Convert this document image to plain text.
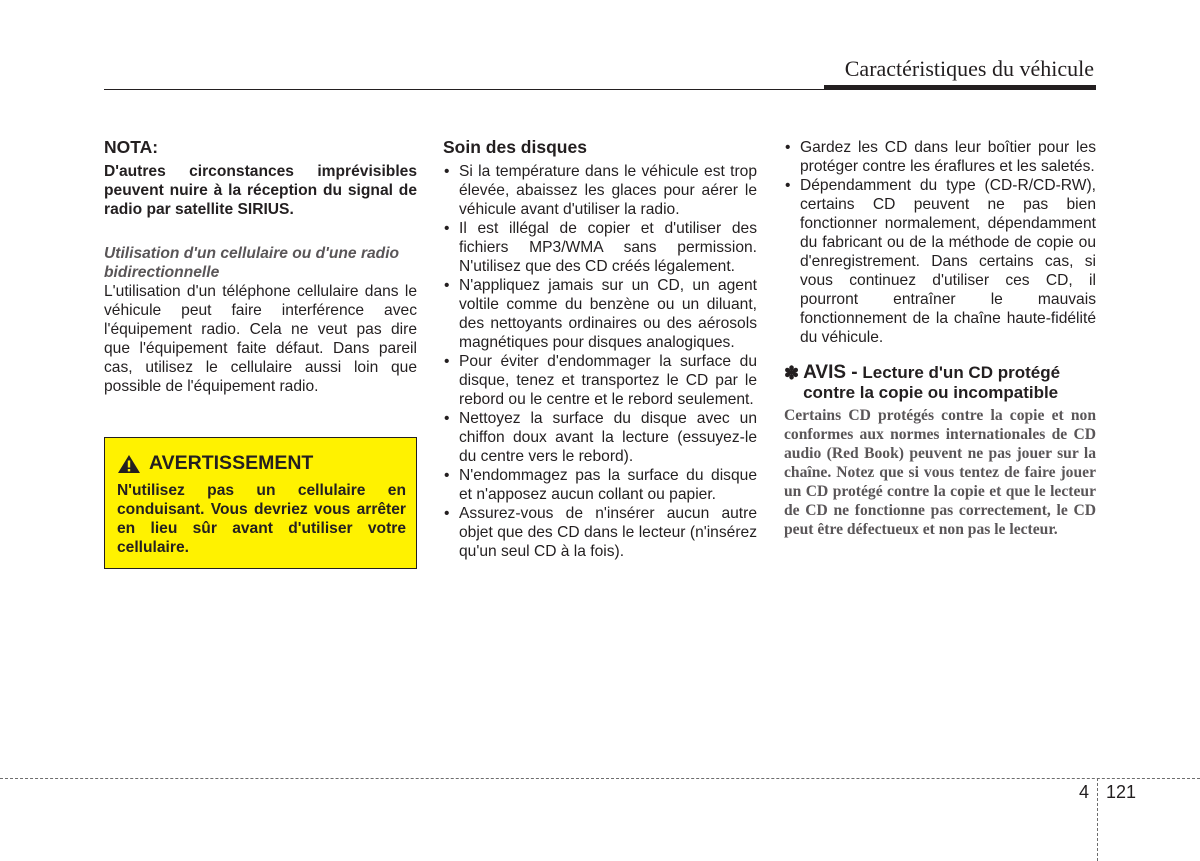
Caractéristiques du véhicule
NOTA:
D'autres circonstances imprévisibles peuvent nuire à la réception du signal de radio par satellite SIRIUS.
Utilisation d'un cellulaire ou d'une radio bidirectionnelle
L'utilisation d'un téléphone cellulaire dans le véhicule peut faire interférence avec l'équipement radio. Cela ne veut pas dire que l'équipement faite défaut. Dans pareil cas, utilisez le cellulaire aussi loin que possible de l'équipement radio.
AVERTISSEMENT
N'utilisez pas un cellulaire en conduisant. Vous devriez vous arrêter en lieu sûr avant d'utiliser votre cellulaire.
Soin des disques
• Si la température dans le véhicule est trop élevée, abaissez les glaces pour aérer le véhicule avant d'utiliser la radio.
• Il est illégal de copier et d'utiliser des fichiers MP3/WMA sans permission. N'utilisez que des CD créés légalement.
• N'appliquez jamais sur un CD, un agent voltile comme du benzène ou un diluant, des nettoyants ordinaires ou des aérosols magnétiques pour disques analogiques.
• Pour éviter d'endommager la surface du disque, tenez et transportez le CD par le rebord ou le centre et le rebord seulement.
• Nettoyez la surface du disque avec un chiffon doux avant la lecture (essuyez-le du centre vers le rebord).
• N'endommagez pas la surface du disque et n'apposez aucun collant ou papier.
• Assurez-vous de n'insérer aucun autre objet que des CD dans le lecteur (n'insérez qu'un seul CD à la fois).
• Gardez les CD dans leur boîtier pour les protéger contre les éraflures et les saletés.
• Dépendamment du type (CD-R/CD-RW), certains CD peuvent ne pas bien fonctionner normalement, dépendamment du fabricant ou de la méthode de copie ou d'enregistrement. Dans certains cas, si vous continuez d'utiliser ces CD, il pourront entraîner le mauvais fonctionnement de la chaîne haute-fidélité du véhicule.
✽ AVIS - Lecture d'un CD protégé contre la copie ou incompatible
Certains CD protégés contre la copie et non conformes aux normes internationales de CD audio (Red Book) peuvent ne pas jouer sur la chaîne. Notez que si vous tentez de faire jouer un CD protégé contre la copie et que le lecteur de CD ne fonctionne pas correctement, le CD peut être défectueux et non pas le lecteur.
4 121
